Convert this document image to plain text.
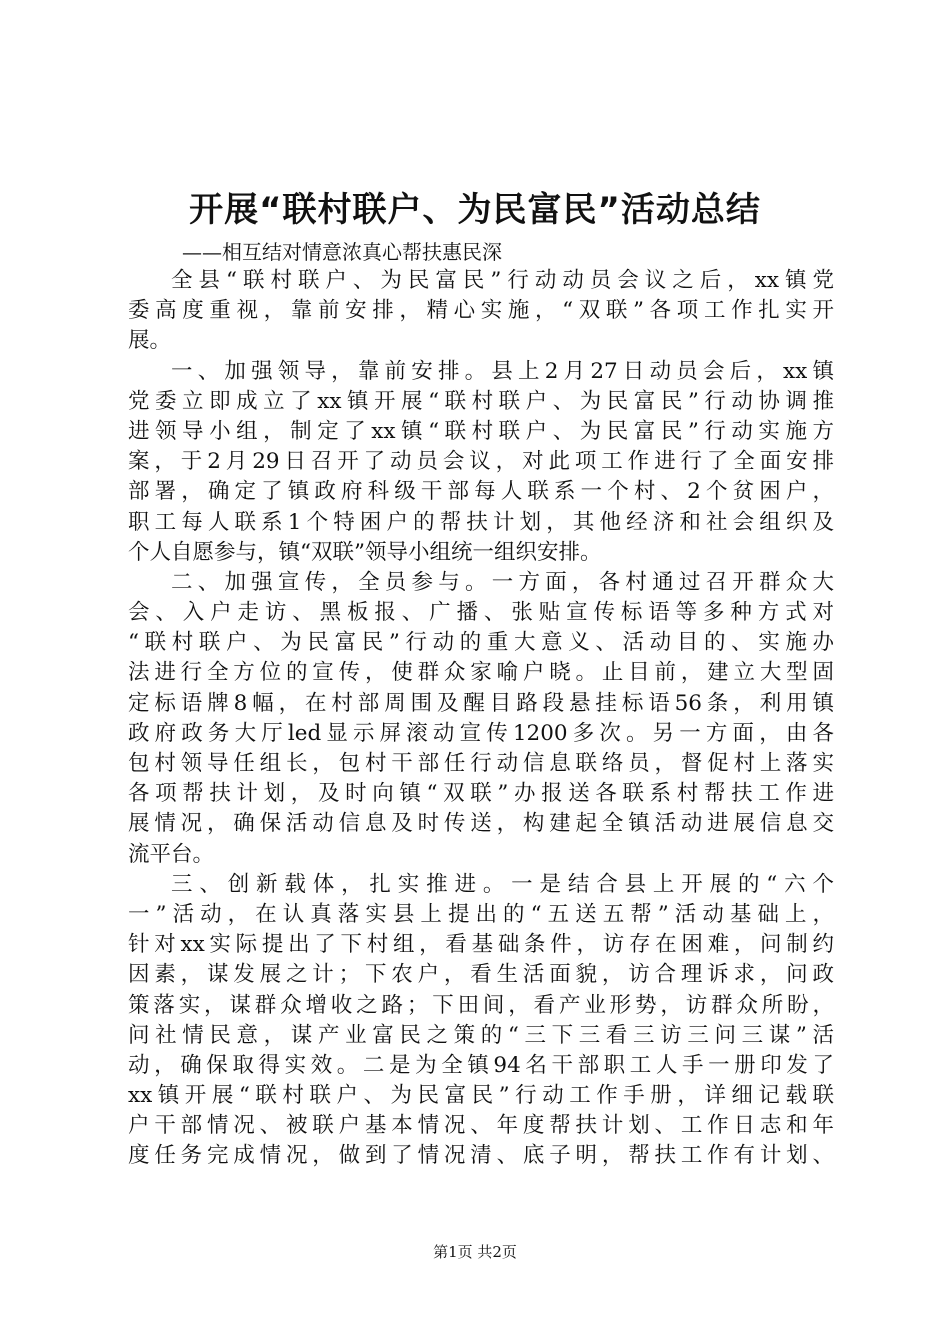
开展“联村联户、为民富民”活动总结
——相互结对情意浓真心帮扶惠民深
全县“联村联户、为民富民”行动动员会议之后，xx镇党
委高度重视，靠前安排，精心实施，“双联”各项工作扎实开
展。
一、加强领导，靠前安排。县上2月27日动员会后，xx镇
党委立即成立了xx镇开展“联村联户、为民富民”行动协调推
进领导小组，制定了xx镇“联村联户、为民富民”行动实施方
案，于2月29日召开了动员会议，对此项工作进行了全面安排
部署，确定了镇政府科级干部每人联系一个村、2个贫困户，
职工每人联系1个特困户的帮扶计划，其他经济和社会组织及
个人自愿参与，镇“双联”领导小组统一组织安排。
二、加强宣传，全员参与。一方面，各村通过召开群众大
会、入户走访、黑板报、广播、张贴宣传标语等多种方式对
“联村联户、为民富民”行动的重大意义、活动目的、实施办
法进行全方位的宣传，使群众家喻户晓。止目前，建立大型固
定标语牌8幅，在村部周围及醒目路段悬挂标语56条，利用镇
政府政务大厅led显示屏滚动宣传1200多次。另一方面，由各
包村领导任组长，包村干部任行动信息联络员，督促村上落实
各项帮扶计划，及时向镇“双联”办报送各联系村帮扶工作进
展情况，确保活动信息及时传送，构建起全镇活动进展信息交
流平台。
三、创新载体，扎实推进。一是结合县上开展的“六个
一”活动，在认真落实县上提出的“五送五帮”活动基础上，
针对xx实际提出了下村组，看基础条件，访存在困难，问制约
因素，谋发展之计；下农户，看生活面貌，访合理诉求，问政
策落实，谋群众增收之路；下田间，看产业形势，访群众所盼，
问社情民意，谋产业富民之策的“三下三看三访三问三谋”活
动，确保取得实效。二是为全镇94名干部职工人手一册印发了
xx镇开展“联村联户、为民富民”行动工作手册，详细记载联
户干部情况、被联户基本情况、年度帮扶计划、工作日志和年
度任务完成情况，做到了情况清、底子明，帮扶工作有计划、
第1页 共2页
